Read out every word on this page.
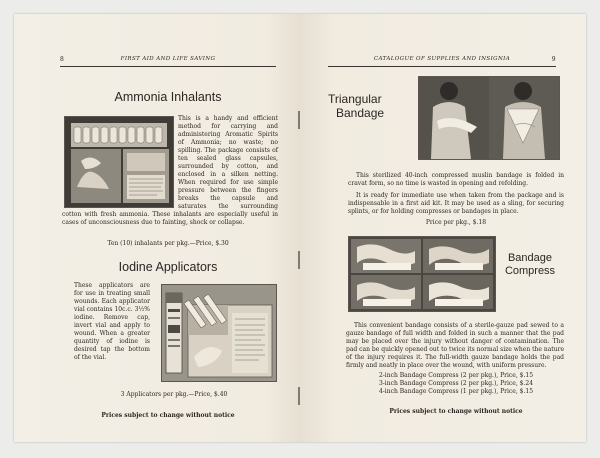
8	FIRST AID AND LIFE SAVING
Ammonia Inhalants
This is a handy and efficient method for carrying and administering Aromatic Spirits of Ammonia; no waste; no spilling. The package consists of ten sealed glass capsules, surrounded by cotton, and enclosed in a silken netting. When required for use simple pressure between the fingers breaks the capsule and saturates the surrounding cotton with fresh ammonia. These inhalants are especially useful in cases of unconsciousness due to fainting, shock or collapse.
Ten (10) inhalants per pkg.—Price, $.30
Iodine Applicators
These applicators are for use in treating small wounds. Each applicator vial contains 10c.c. 3½% iodine. Remove cap, invert vial and apply to wound. When a greater quantity of iodine is desired tap the bottom of the vial.
3 Applicators per pkg.—Price, $.40
Prices subject to change without notice
CATALOGUE OF SUPPLIES AND INSIGNIA	9
Triangular
Bandage
This sterilized 40-inch compressed muslin bandage is folded in cravat form, so no time is wasted in opening and refolding.
It is ready for immediate use when taken from the package and is indispensable in a first aid kit. It may be used as a sling, for securing splints, or for holding compresses or bandages in place.
Price per pkg., $.18
Bandage
Compress
This convenient bandage consists of a sterile-gauze pad sewed to a gauze bandage of full width and folded in such a manner that the pad may be placed over the injury without danger of contamination. The pad can be quickly opened out to twice its normal size when the nature of the injury requires it. The full-width gauze bandage holds the pad firmly and neatly in place over the wound, with uniform pressure.
2-inch Bandage Compress (2 per pkg.), Price, $.15
3-inch Bandage Compress (2 per pkg.), Price, $.24
4-inch Bandage Compress (1 per pkg.), Price, $.15
Prices subject to change without notice
